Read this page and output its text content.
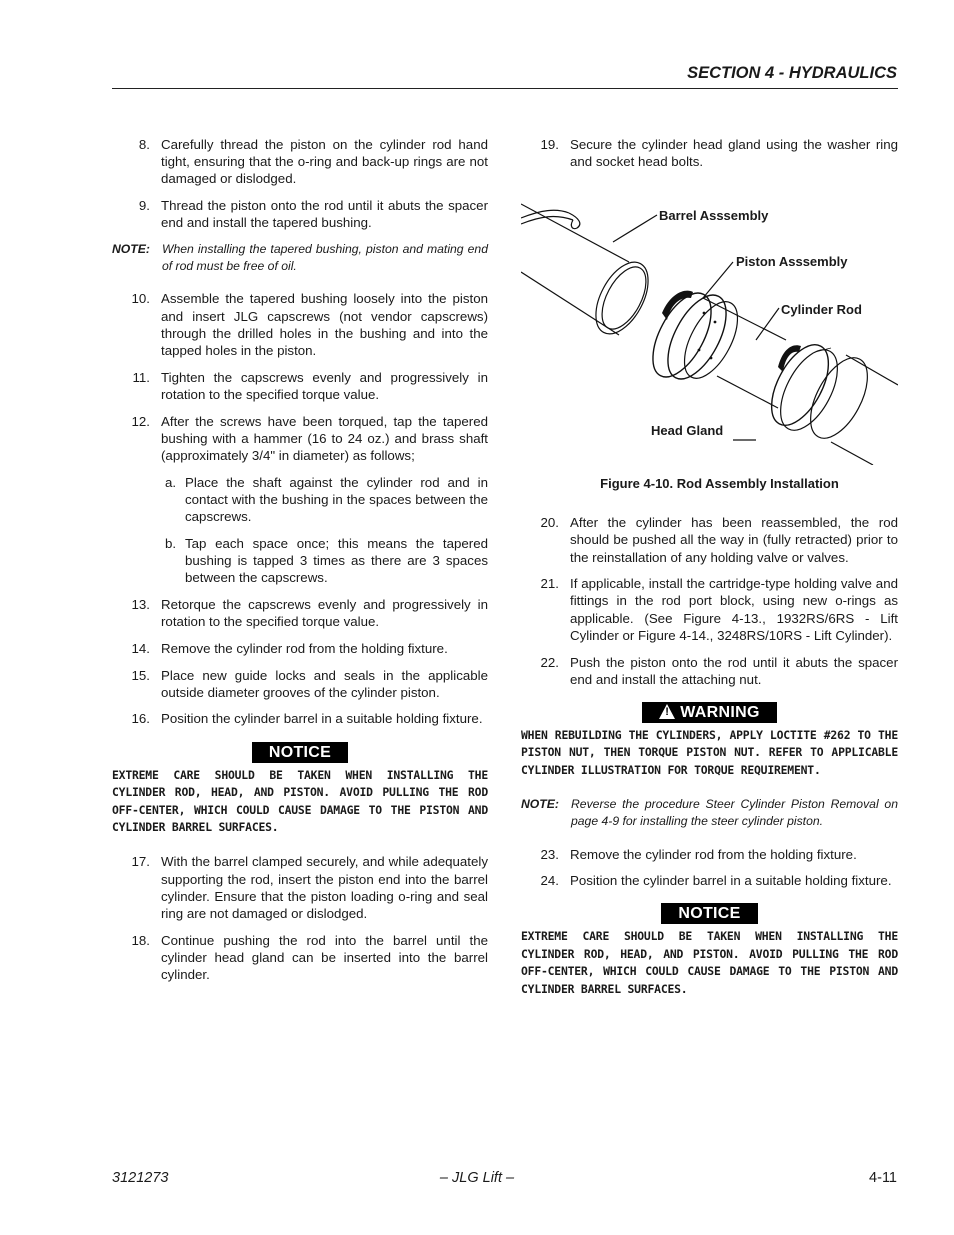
SECTION 4 - HYDRAULICS
8. Carefully thread the piston on the cylinder rod hand tight, ensuring that the o-ring and back-up rings are not damaged or dislodged.
9. Thread the piston onto the rod until it abuts the spacer end and install the tapered bushing.
NOTE: When installing the tapered bushing, piston and mating end of rod must be free of oil.
10. Assemble the tapered bushing loosely into the piston and insert JLG capscrews (not vendor capscrews) through the drilled holes in the bushing and into the tapped holes in the piston.
11. Tighten the capscrews evenly and progressively in rotation to the specified torque value.
12. After the screws have been torqued, tap the tapered bushing with a hammer (16 to 24 oz.) and brass shaft (approximately 3/4" in diameter) as follows;
a. Place the shaft against the cylinder rod and in contact with the bushing in the spaces between the capscrews.
b. Tap each space once; this means the tapered bushing is tapped 3 times as there are 3 spaces between the capscrews.
13. Retorque the capscrews evenly and progressively in rotation to the specified torque value.
14. Remove the cylinder rod from the holding fixture.
15. Place new guide locks and seals in the applicable outside diameter grooves of the cylinder piston.
16. Position the cylinder barrel in a suitable holding fixture.
NOTICE
EXTREME CARE SHOULD BE TAKEN WHEN INSTALLING THE CYLINDER ROD, HEAD, AND PISTON. AVOID PULLING THE ROD OFF-CENTER, WHICH COULD CAUSE DAMAGE TO THE PISTON AND CYLINDER BARREL SURFACES.
17. With the barrel clamped securely, and while adequately supporting the rod, insert the piston end into the barrel cylinder. Ensure that the piston loading o-ring and seal ring are not damaged or dislodged.
18. Continue pushing the rod into the barrel until the cylinder head gland can be inserted into the barrel cylinder.
19. Secure the cylinder head gland using the washer ring and socket head bolts.
Barrel Asssembly
Piston Asssembly
Cylinder Rod
Head Gland
Figure 4-10. Rod Assembly Installation
20. After the cylinder has been reassembled, the rod should be pushed all the way in (fully retracted) prior to the reinstallation of any holding valve or valves.
21. If applicable, install the cartridge-type holding valve and fittings in the rod port block, using new o-rings as applicable. (See Figure 4-13., 1932RS/6RS - Lift Cylinder or Figure 4-14., 3248RS/10RS - Lift Cylinder).
22. Push the piston onto the rod until it abuts the spacer end and install the attaching nut.
! WARNING
WHEN REBUILDING THE CYLINDERS, APPLY LOCTITE #262 TO THE PISTON NUT, THEN TORQUE PISTON NUT. REFER TO APPLICABLE CYLINDER ILLUSTRATION FOR TORQUE REQUIREMENT.
NOTE: Reverse the procedure Steer Cylinder Piston Removal on page 4-9 for installing the steer cylinder piston.
23. Remove the cylinder rod from the holding fixture.
24. Position the cylinder barrel in a suitable holding fixture.
NOTICE
EXTREME CARE SHOULD BE TAKEN WHEN INSTALLING THE CYLINDER ROD, HEAD, AND PISTON. AVOID PULLING THE ROD OFF-CENTER, WHICH COULD CAUSE DAMAGE TO THE PISTON AND CYLINDER BARREL SURFACES.
3121273	– JLG Lift –	4-11
